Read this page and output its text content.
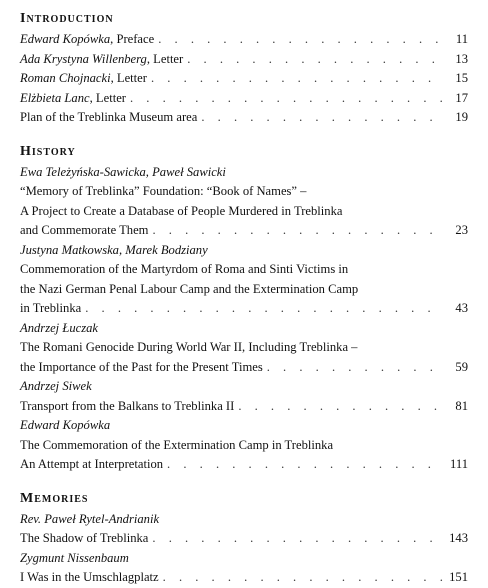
Introduction
Edward Kopówka, Preface . . .	11
Ada Krystyna Willenberg, Letter . . .	13
Roman Chojnacki, Letter . . .	15
Elżbieta Lanc, Letter . . .	17
Plan of the Treblinka Museum area . . .	19
History
Ewa Teleżyńska-Sawicka, Paweł Sawicki
“Memory of Treblinka” Foundation: “Book of Names” –
A Project to Create a Database of People Murdered in Treblinka
and Commemorate Them . . .	23
Justyna Matkowska, Marek Bodziany
Commemoration of the Martyrdom of Roma and Sinti Victims in
the Nazi German Penal Labour Camp and the Extermination Camp
in Treblinka . . .	43
Andrzej Łuczak
The Romani Genocide During World War II, Including Treblinka –
the Importance of the Past for the Present Times . . .	59
Andrzej Siwek
Transport from the Balkans to Treblinka II . . .	81
Edward Kopówka
The Commemoration of the Extermination Camp in Treblinka
An Attempt at Interpretation . . .	111
Memories
Rev. Paweł Rytel-Andrianik
The Shadow of Treblinka . . .	143
Zygmunt Nissenbaum
I Was in the Umschlagplatz . . .	151
